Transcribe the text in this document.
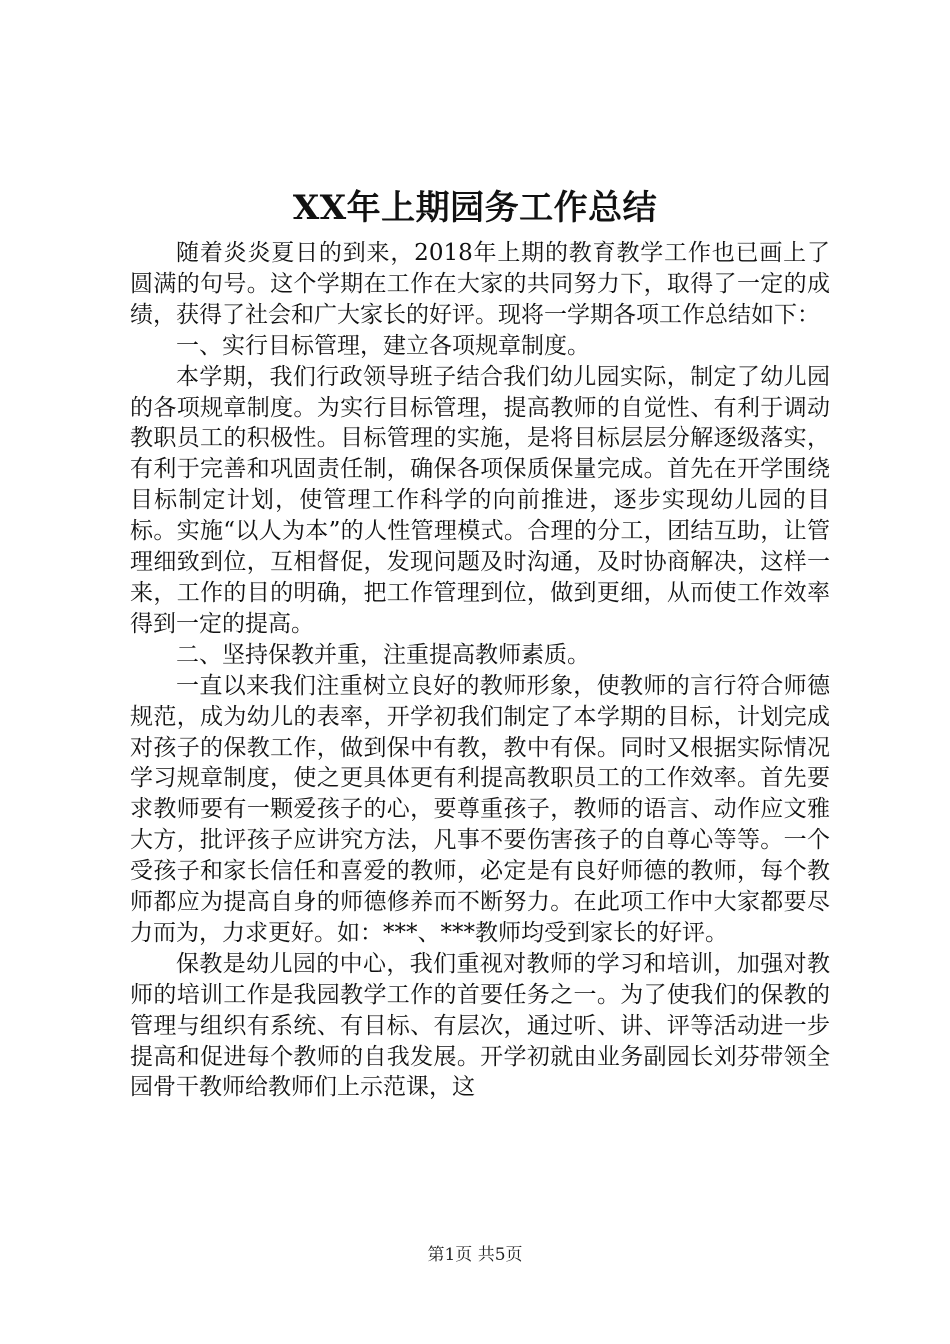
XX年上期园务工作总结

随着炎炎夏日的到来，2018年上期的教育教学工作也已画上了圆满的句号。这个学期在工作在大家的共同努力下，取得了一定的成绩，获得了社会和广大家长的好评。现将一学期各项工作总结如下：

一、实行目标管理，建立各项规章制度。

本学期，我们行政领导班子结合我们幼儿园实际，制定了幼儿园的各项规章制度。为实行目标管理，提高教师的自觉性、有利于调动教职员工的积极性。目标管理的实施，是将目标层层分解逐级落实，有利于完善和巩固责任制，确保各项保质保量完成。首先在开学围绕目标制定计划，使管理工作科学的向前推进，逐步实现幼儿园的目标。实施“以人为本”的人性管理模式。合理的分工，团结互助，让管理细致到位，互相督促，发现问题及时沟通，及时协商解决，这样一来，工作的目的明确，把工作管理到位，做到更细，从而使工作效率得到一定的提高。

二、坚持保教并重，注重提高教师素质。

一直以来我们注重树立良好的教师形象，使教师的言行符合师德规范，成为幼儿的表率，开学初我们制定了本学期的目标，计划完成对孩子的保教工作，做到保中有教，教中有保。同时又根据实际情况学习规章制度，使之更具体更有利提高教职员工的工作效率。首先要求教师要有一颗爱孩子的心，要尊重孩子，教师的语言、动作应文雅大方，批评孩子应讲究方法，凡事不要伤害孩子的自尊心等等。一个受孩子和家长信任和喜爱的教师，必定是有良好师德的教师，每个教师都应为提高自身的师德修养而不断努力。在此项工作中大家都要尽力而为，力求更好。如：***、***教师均受到家长的好评。

保教是幼儿园的中心，我们重视对教师的学习和培训，加强对教师的培训工作是我园教学工作的首要任务之一。为了使我们的保教的管理与组织有系统、有目标、有层次，通过听、讲、评等活动进一步提高和促进每个教师的自我发展。开学初就由业务副园长刘芬带领全园骨干教师给教师们上示范课，这

第1页 共5页
